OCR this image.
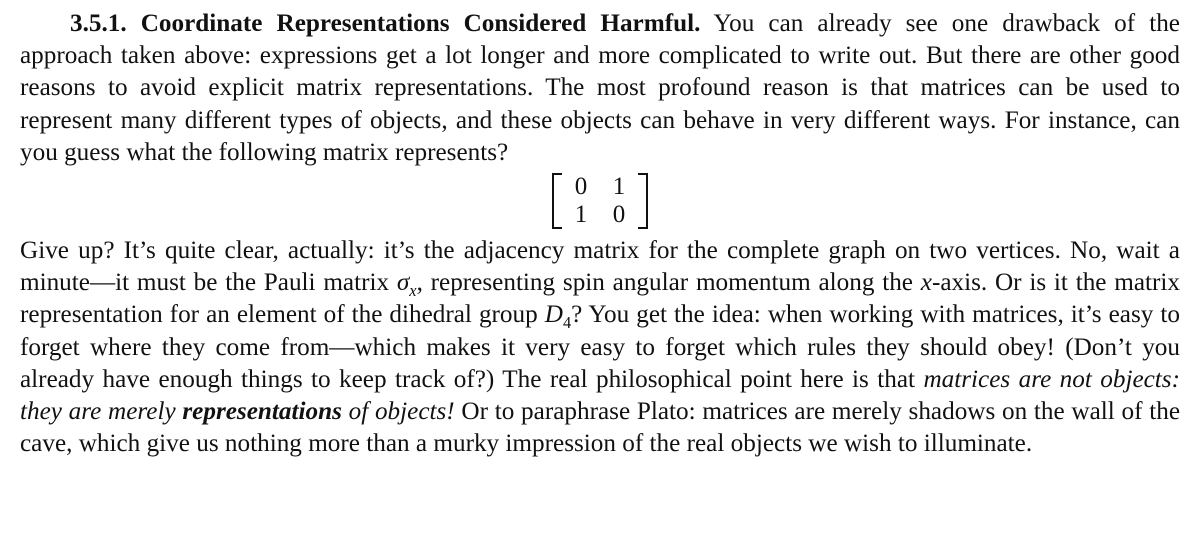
3.5.1. Coordinate Representations Considered Harmful. You can already see one drawback of the approach taken above: expressions get a lot longer and more complicated to write out. But there are other good reasons to avoid explicit matrix representations. The most profound reason is that matrices can be used to represent many different types of objects, and these objects can behave in very different ways. For instance, can you guess what the following matrix represents?

0	1
1	0

Give up? It’s quite clear, actually: it’s the adjacency matrix for the complete graph on two vertices. No, wait a minute—it must be the Pauli matrix $\sigma_x$, representing spin angular momentum along the x-axis. Or is it the matrix representation for an element of the dihedral group $D_4$? You get the idea: when working with matrices, it’s easy to forget where they come from—which makes it very easy to forget which rules they should obey! (Don’t you already have enough things to keep track of?) The real philosophical point here is that matrices are not objects: they are merely representations of objects! Or to paraphrase Plato: matrices are merely shadows on the wall of the cave, which give us nothing more than a murky impression of the real objects we wish to illuminate.
